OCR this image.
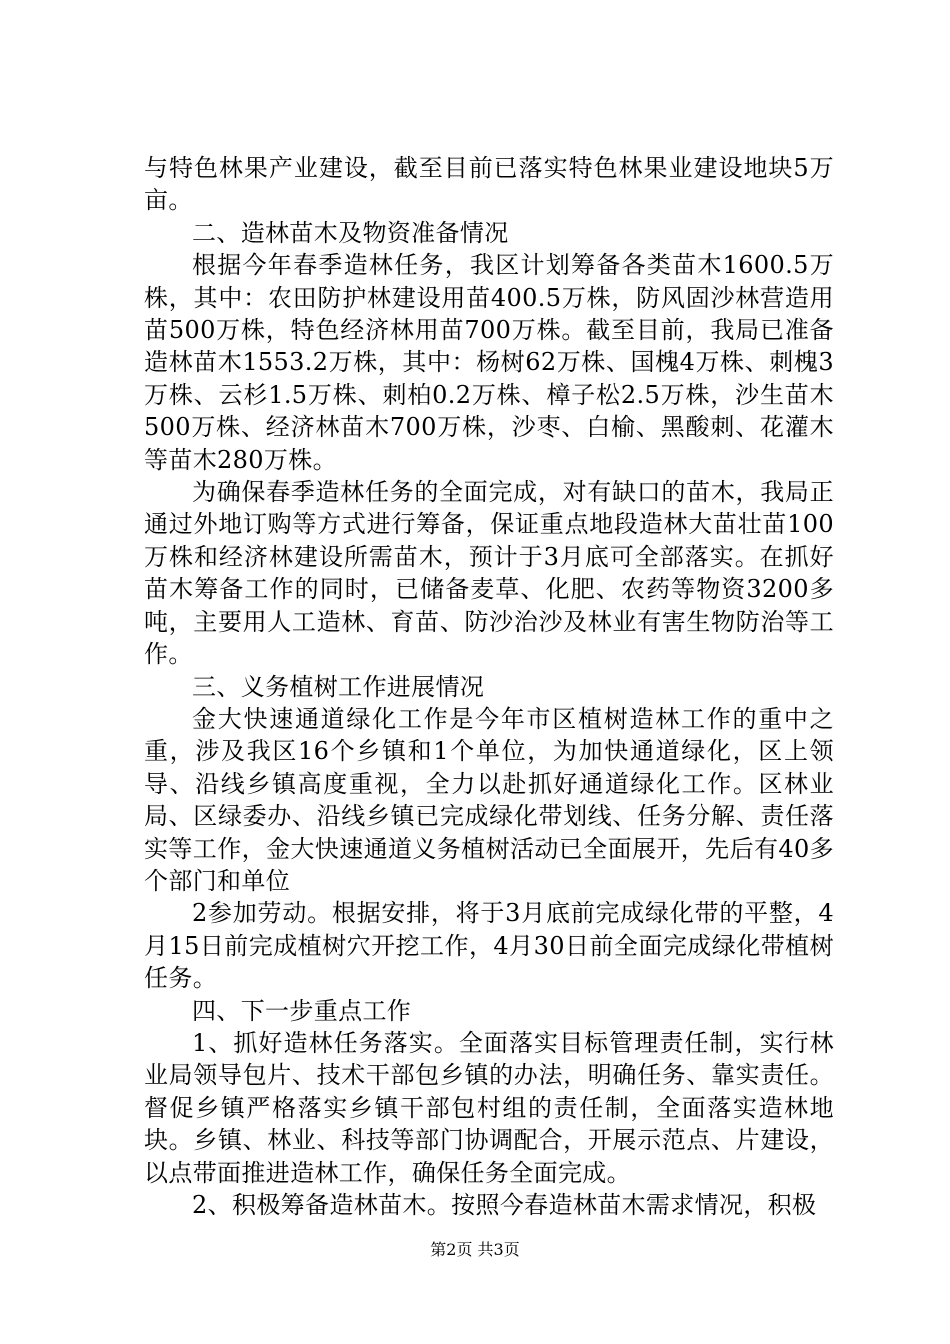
与特色林果产业建设，截至目前已落实特色林果业建设地块5万亩。

二、造林苗木及物资准备情况

根据今年春季造林任务，我区计划筹备各类苗木1600.5万株，其中：农田防护林建设用苗400.5万株，防风固沙林营造用苗500万株，特色经济林用苗700万株。截至目前，我局已准备造林苗木1553.2万株，其中：杨树62万株、国槐4万株、刺槐3万株、云杉1.5万株、刺柏0.2万株、樟子松2.5万株，沙生苗木500万株、经济林苗木700万株，沙枣、白榆、黑酸刺、花灌木等苗木280万株。

为确保春季造林任务的全面完成，对有缺口的苗木，我局正通过外地订购等方式进行筹备，保证重点地段造林大苗壮苗100万株和经济林建设所需苗木，预计于3月底可全部落实。在抓好苗木筹备工作的同时，已储备麦草、化肥、农药等物资3200多吨，主要用人工造林、育苗、防沙治沙及林业有害生物防治等工作。

三、义务植树工作进展情况

金大快速通道绿化工作是今年市区植树造林工作的重中之重，涉及我区16个乡镇和1个单位，为加快通道绿化，区上领导、沿线乡镇高度重视，全力以赴抓好通道绿化工作。区林业局、区绿委办、沿线乡镇已完成绿化带划线、任务分解、责任落实等工作，金大快速通道义务植树活动已全面展开，先后有40多个部门和单位

2参加劳动。根据安排，将于3月底前完成绿化带的平整，4月15日前完成植树穴开挖工作，4月30日前全面完成绿化带植树任务。

四、下一步重点工作

1、抓好造林任务落实。全面落实目标管理责任制，实行林业局领导包片、技术干部包乡镇的办法，明确任务、靠实责任。督促乡镇严格落实乡镇干部包村组的责任制，全面落实造林地块。乡镇、林业、科技等部门协调配合，开展示范点、片建设，以点带面推进造林工作，确保任务全面完成。

2、积极筹备造林苗木。按照今春造林苗木需求情况，积极

第2页 共3页
